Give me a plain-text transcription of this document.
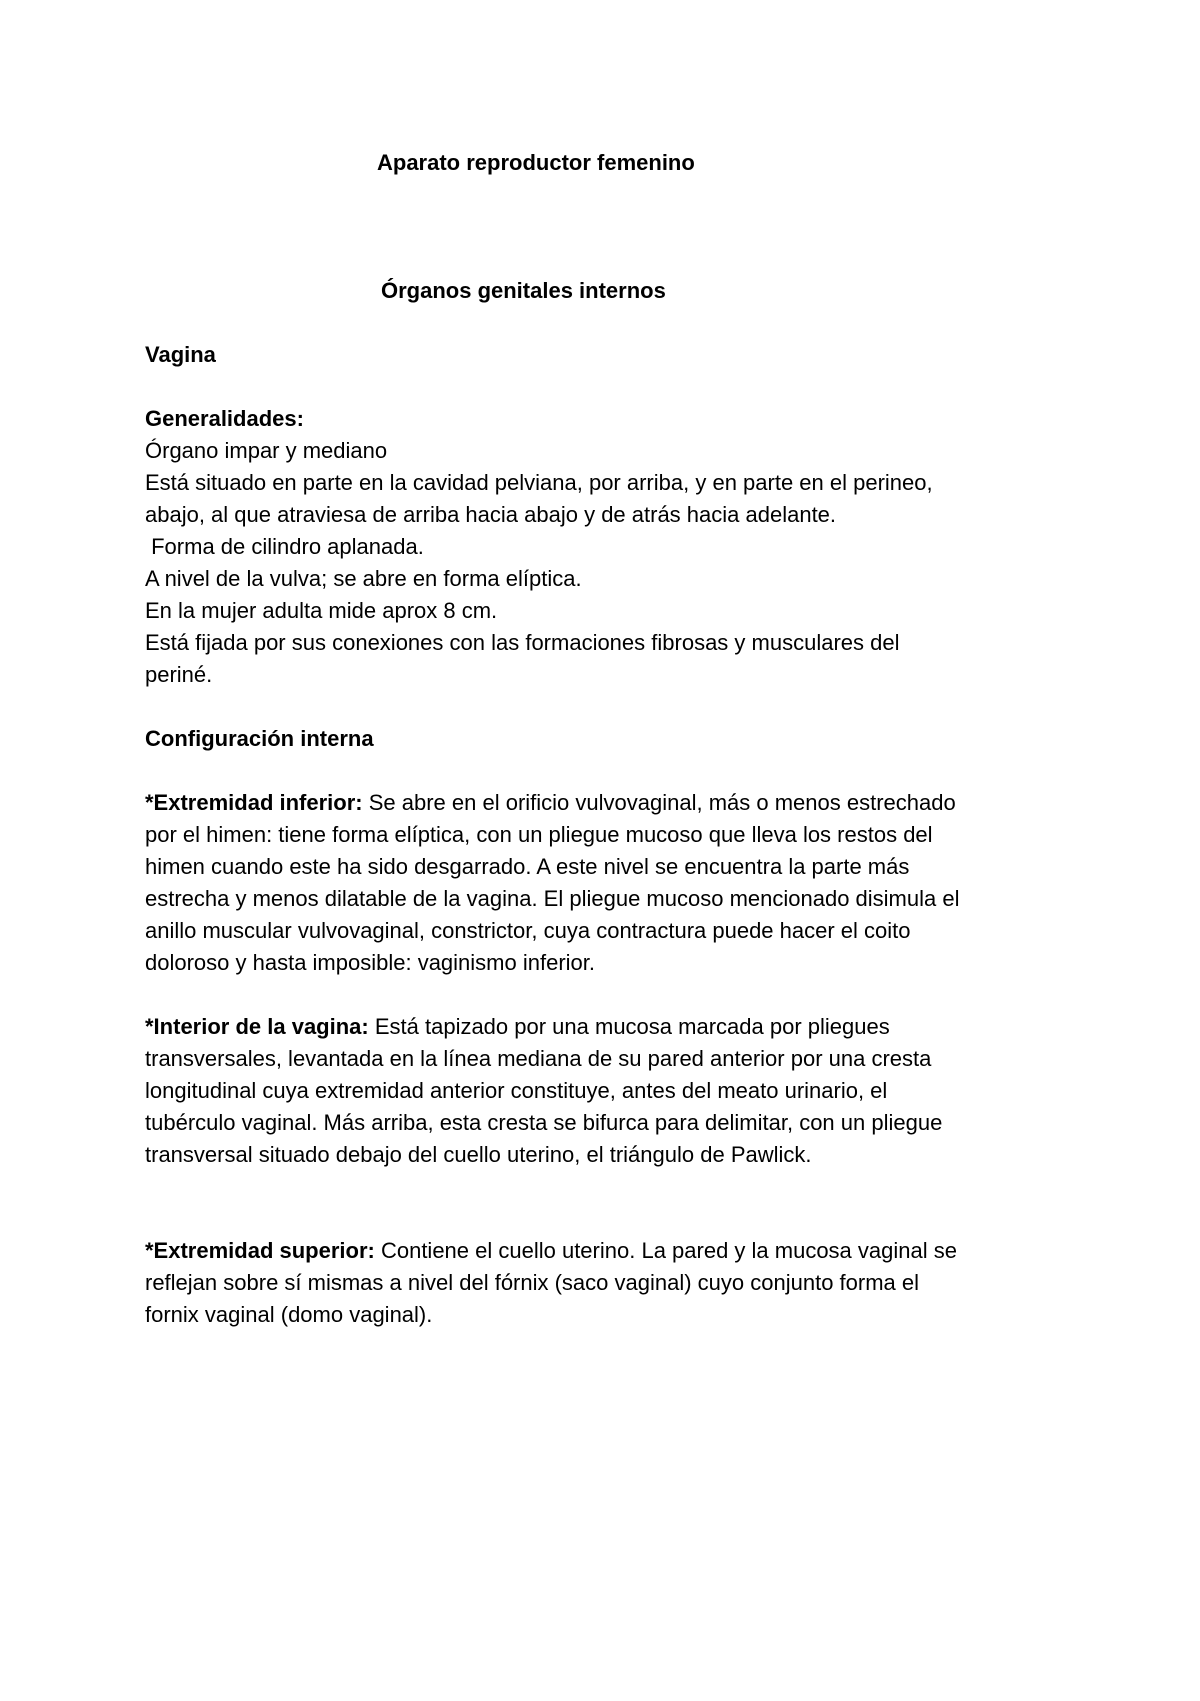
Aparato reproductor femenino
Órganos genitales internos

Vagina

Generalidades:

Órgano impar y mediano

Está situado en parte en la cavidad pelviana, por arriba, y en parte en el perineo,

abajo, al que atraviesa de arriba hacia abajo y de atrás hacia adelante.

Forma de cilindro aplanada.

A nivel de la vulva; se abre en forma elíptica.

En la mujer adulta mide aprox 8 cm.

Está fijada por sus conexiones con las formaciones fibrosas y musculares del

periné.

Configuración interna

*Extremidad inferior: Se abre en el orificio vulvovaginal, más o menos estrechado

por el himen: tiene forma elíptica, con un pliegue mucoso que lleva los restos del

himen cuando este ha sido desgarrado. A este nivel se encuentra la parte más

estrecha y menos dilatable de la vagina. El pliegue mucoso mencionado disimula el

anillo muscular vulvovaginal, constrictor, cuya contractura puede hacer el coito

doloroso y hasta imposible: vaginismo inferior.

*Interior de la vagina: Está tapizado por una mucosa marcada por pliegues

transversales, levantada en la línea mediana de su pared anterior por una cresta

longitudinal cuya extremidad anterior constituye, antes del meato urinario, el

tubérculo vaginal. Más arriba, esta cresta se bifurca para delimitar, con un pliegue

transversal situado debajo del cuello uterino, el triángulo de Pawlick.

*Extremidad superior: Contiene el cuello uterino. La pared y la mucosa vaginal se

reflejan sobre sí mismas a nivel del fórnix (saco vaginal) cuyo conjunto forma el

fornix vaginal (domo vaginal).
